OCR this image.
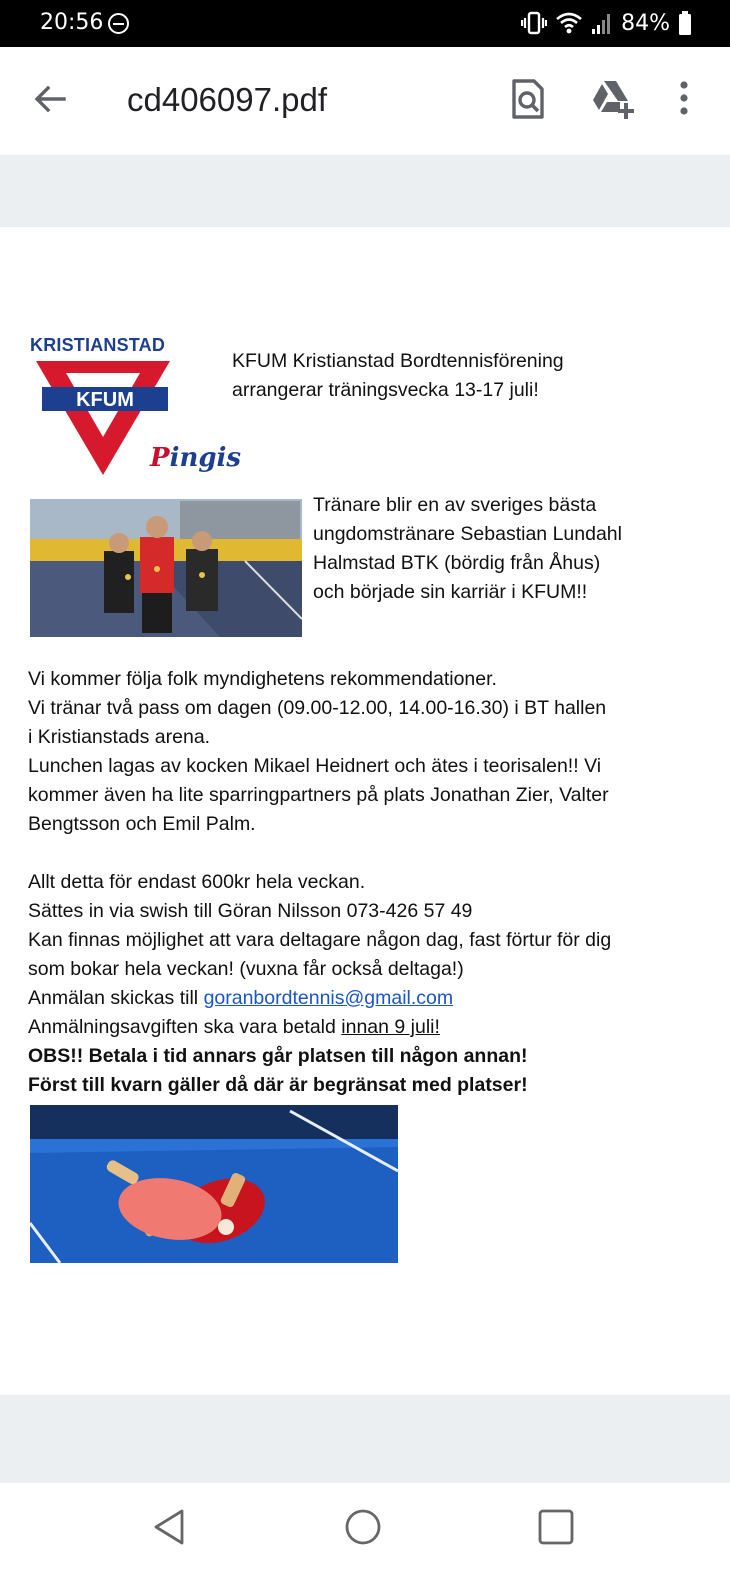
20:56	84%
cd406097.pdf
KRISTIANSTAD
KFUM
Pingis
KFUM Kristianstad Bordtennisförening
arrangerar träningsvecka 13-17 juli!
Tränare blir en av sveriges bästa
ungdomstränare Sebastian Lundahl
Halmstad BTK (bördig från Åhus)
och började sin karriär i KFUM!!
Vi kommer följa folk myndighetens rekommendationer.
Vi tränar två pass om dagen (09.00-12.00, 14.00-16.30) i BT hallen
i Kristianstads arena.
Lunchen lagas av kocken Mikael Heidnert och ätes i teorisalen!! Vi
kommer även ha lite sparringpartners på plats Jonathan Zier, Valter
Bengtsson och Emil Palm.
Allt detta för endast 600kr hela veckan.
Sättes in via swish till Göran Nilsson 073-426 57 49
Kan finnas möjlighet att vara deltagare någon dag, fast förtur för dig
som bokar hela veckan! (vuxna får också deltaga!)
Anmälan skickas till goranbordtennis@gmail.com
Anmälningsavgiften ska vara betald innan 9 juli!
OBS!! Betala i tid annars går platsen till någon annan!
Först till kvarn gäller då där är begränsat med platser!
